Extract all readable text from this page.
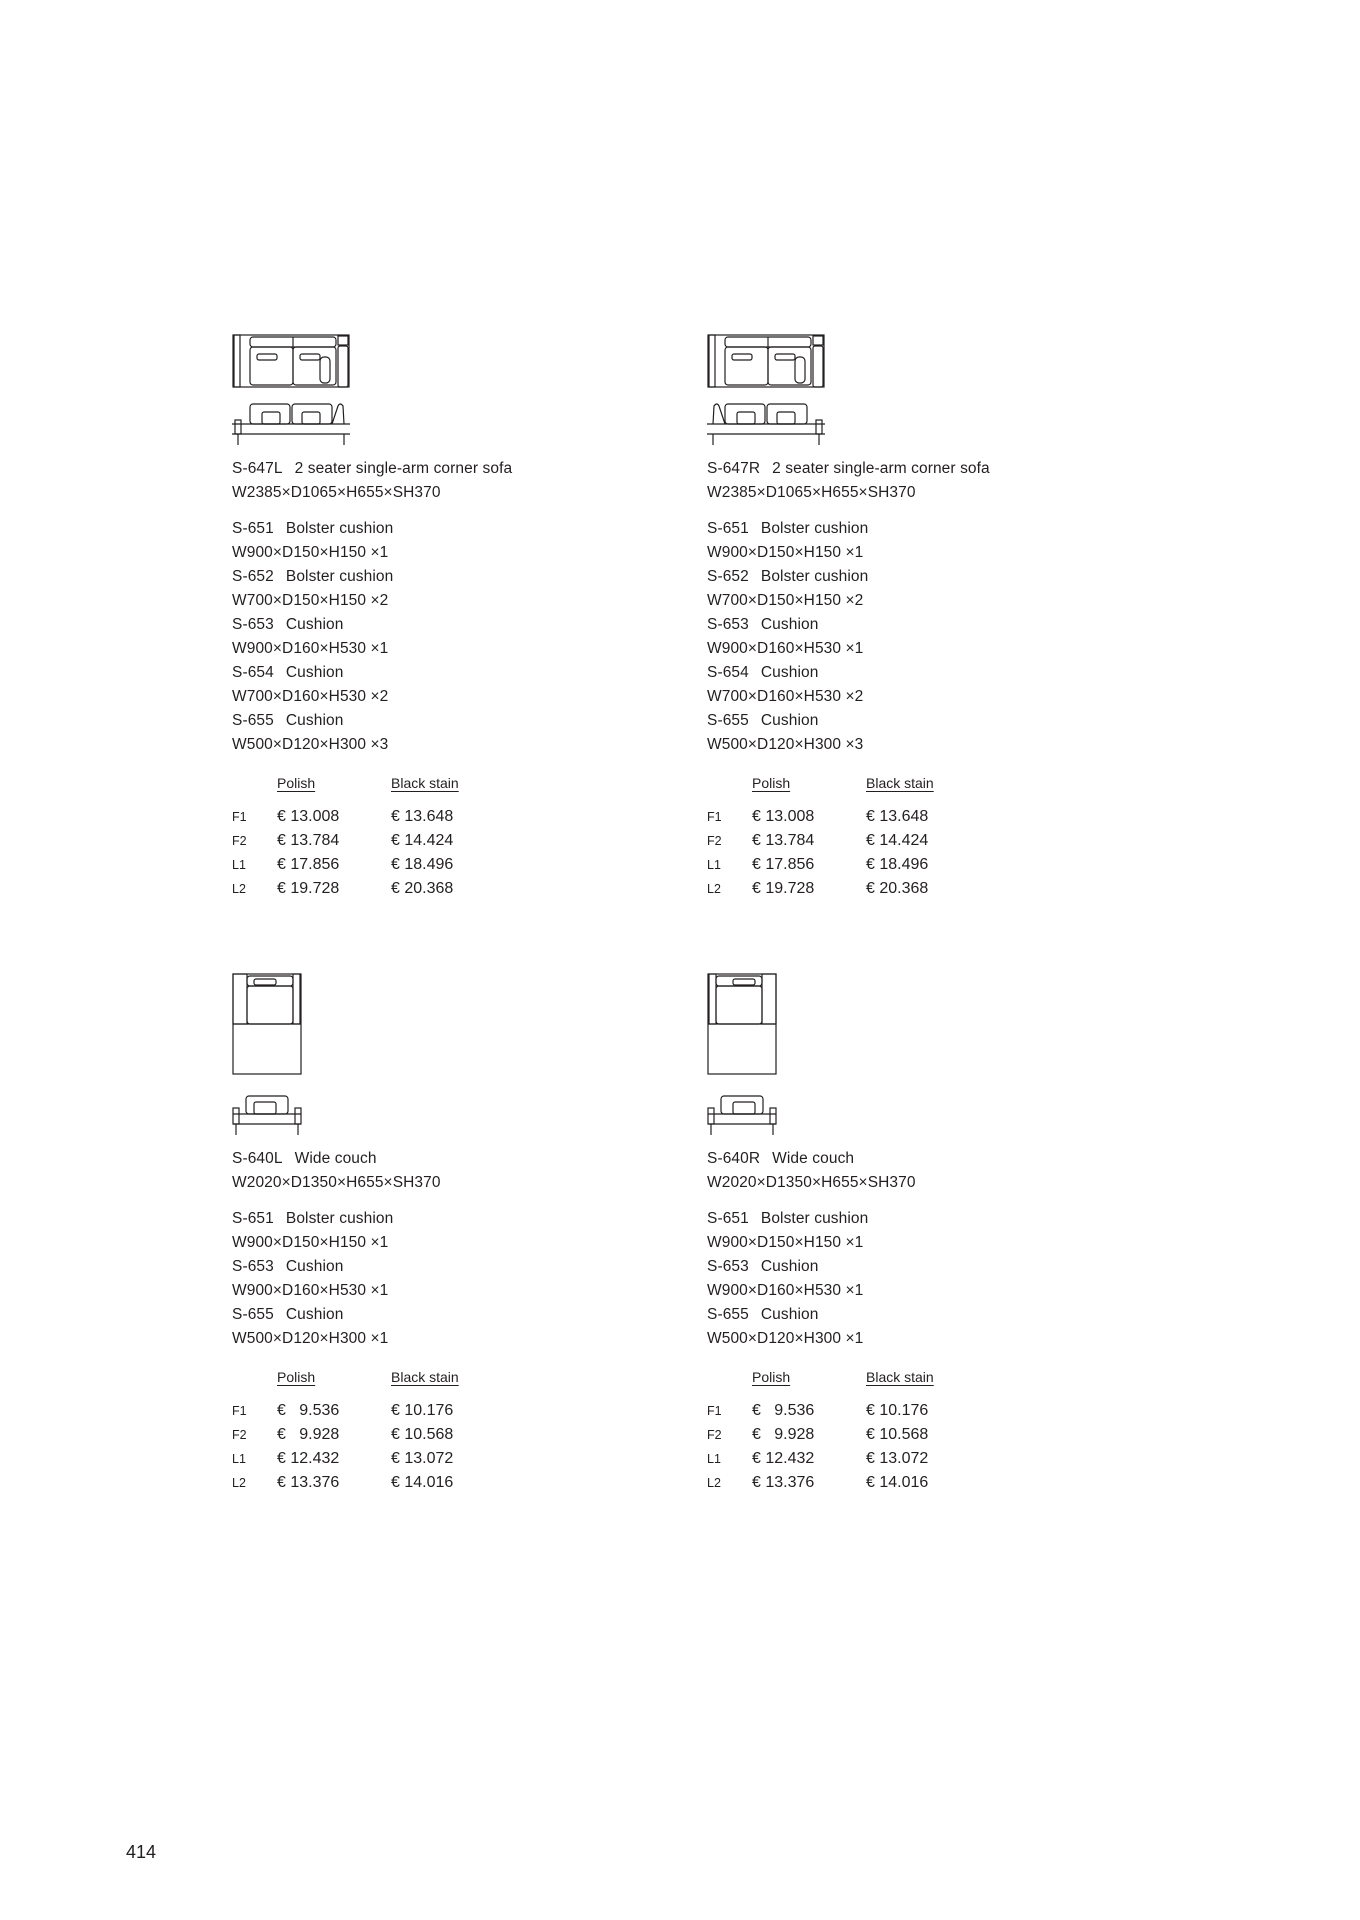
S-647L 2 seater single-arm corner sofa
W2385×D1065×H655×SH370
S-651 Bolster cushion
W900×D150×H150 ×1
S-652 Bolster cushion
W700×D150×H150 ×2
S-653 Cushion
W900×D160×H530 ×1
S-654 Cushion
W700×D160×H530 ×2
S-655 Cushion
W500×D120×H300 ×3
	Polish	Black stain
F1	€ 13.008	€ 13.648
F2	€ 13.784	€ 14.424
L1	€ 17.856	€ 18.496
L2	€ 19.728	€ 20.368
S-647R 2 seater single-arm corner sofa
W2385×D1065×H655×SH370
S-651 Bolster cushion
W900×D150×H150 ×1
S-652 Bolster cushion
W700×D150×H150 ×2
S-653 Cushion
W900×D160×H530 ×1
S-654 Cushion
W700×D160×H530 ×2
S-655 Cushion
W500×D120×H300 ×3
	Polish	Black stain
F1	€ 13.008	€ 13.648
F2	€ 13.784	€ 14.424
L1	€ 17.856	€ 18.496
L2	€ 19.728	€ 20.368
S-640L Wide couch
W2020×D1350×H655×SH370
S-651 Bolster cushion
W900×D150×H150 ×1
S-653 Cushion
W900×D160×H530 ×1
S-655 Cushion
W500×D120×H300 ×1
	Polish	Black stain
F1	€   9.536	€ 10.176
F2	€   9.928	€ 10.568
L1	€ 12.432	€ 13.072
L2	€ 13.376	€ 14.016
S-640R Wide couch
W2020×D1350×H655×SH370
S-651 Bolster cushion
W900×D150×H150 ×1
S-653 Cushion
W900×D160×H530 ×1
S-655 Cushion
W500×D120×H300 ×1
	Polish	Black stain
F1	€   9.536	€ 10.176
F2	€   9.928	€ 10.568
L1	€ 12.432	€ 13.072
L2	€ 13.376	€ 14.016
414
